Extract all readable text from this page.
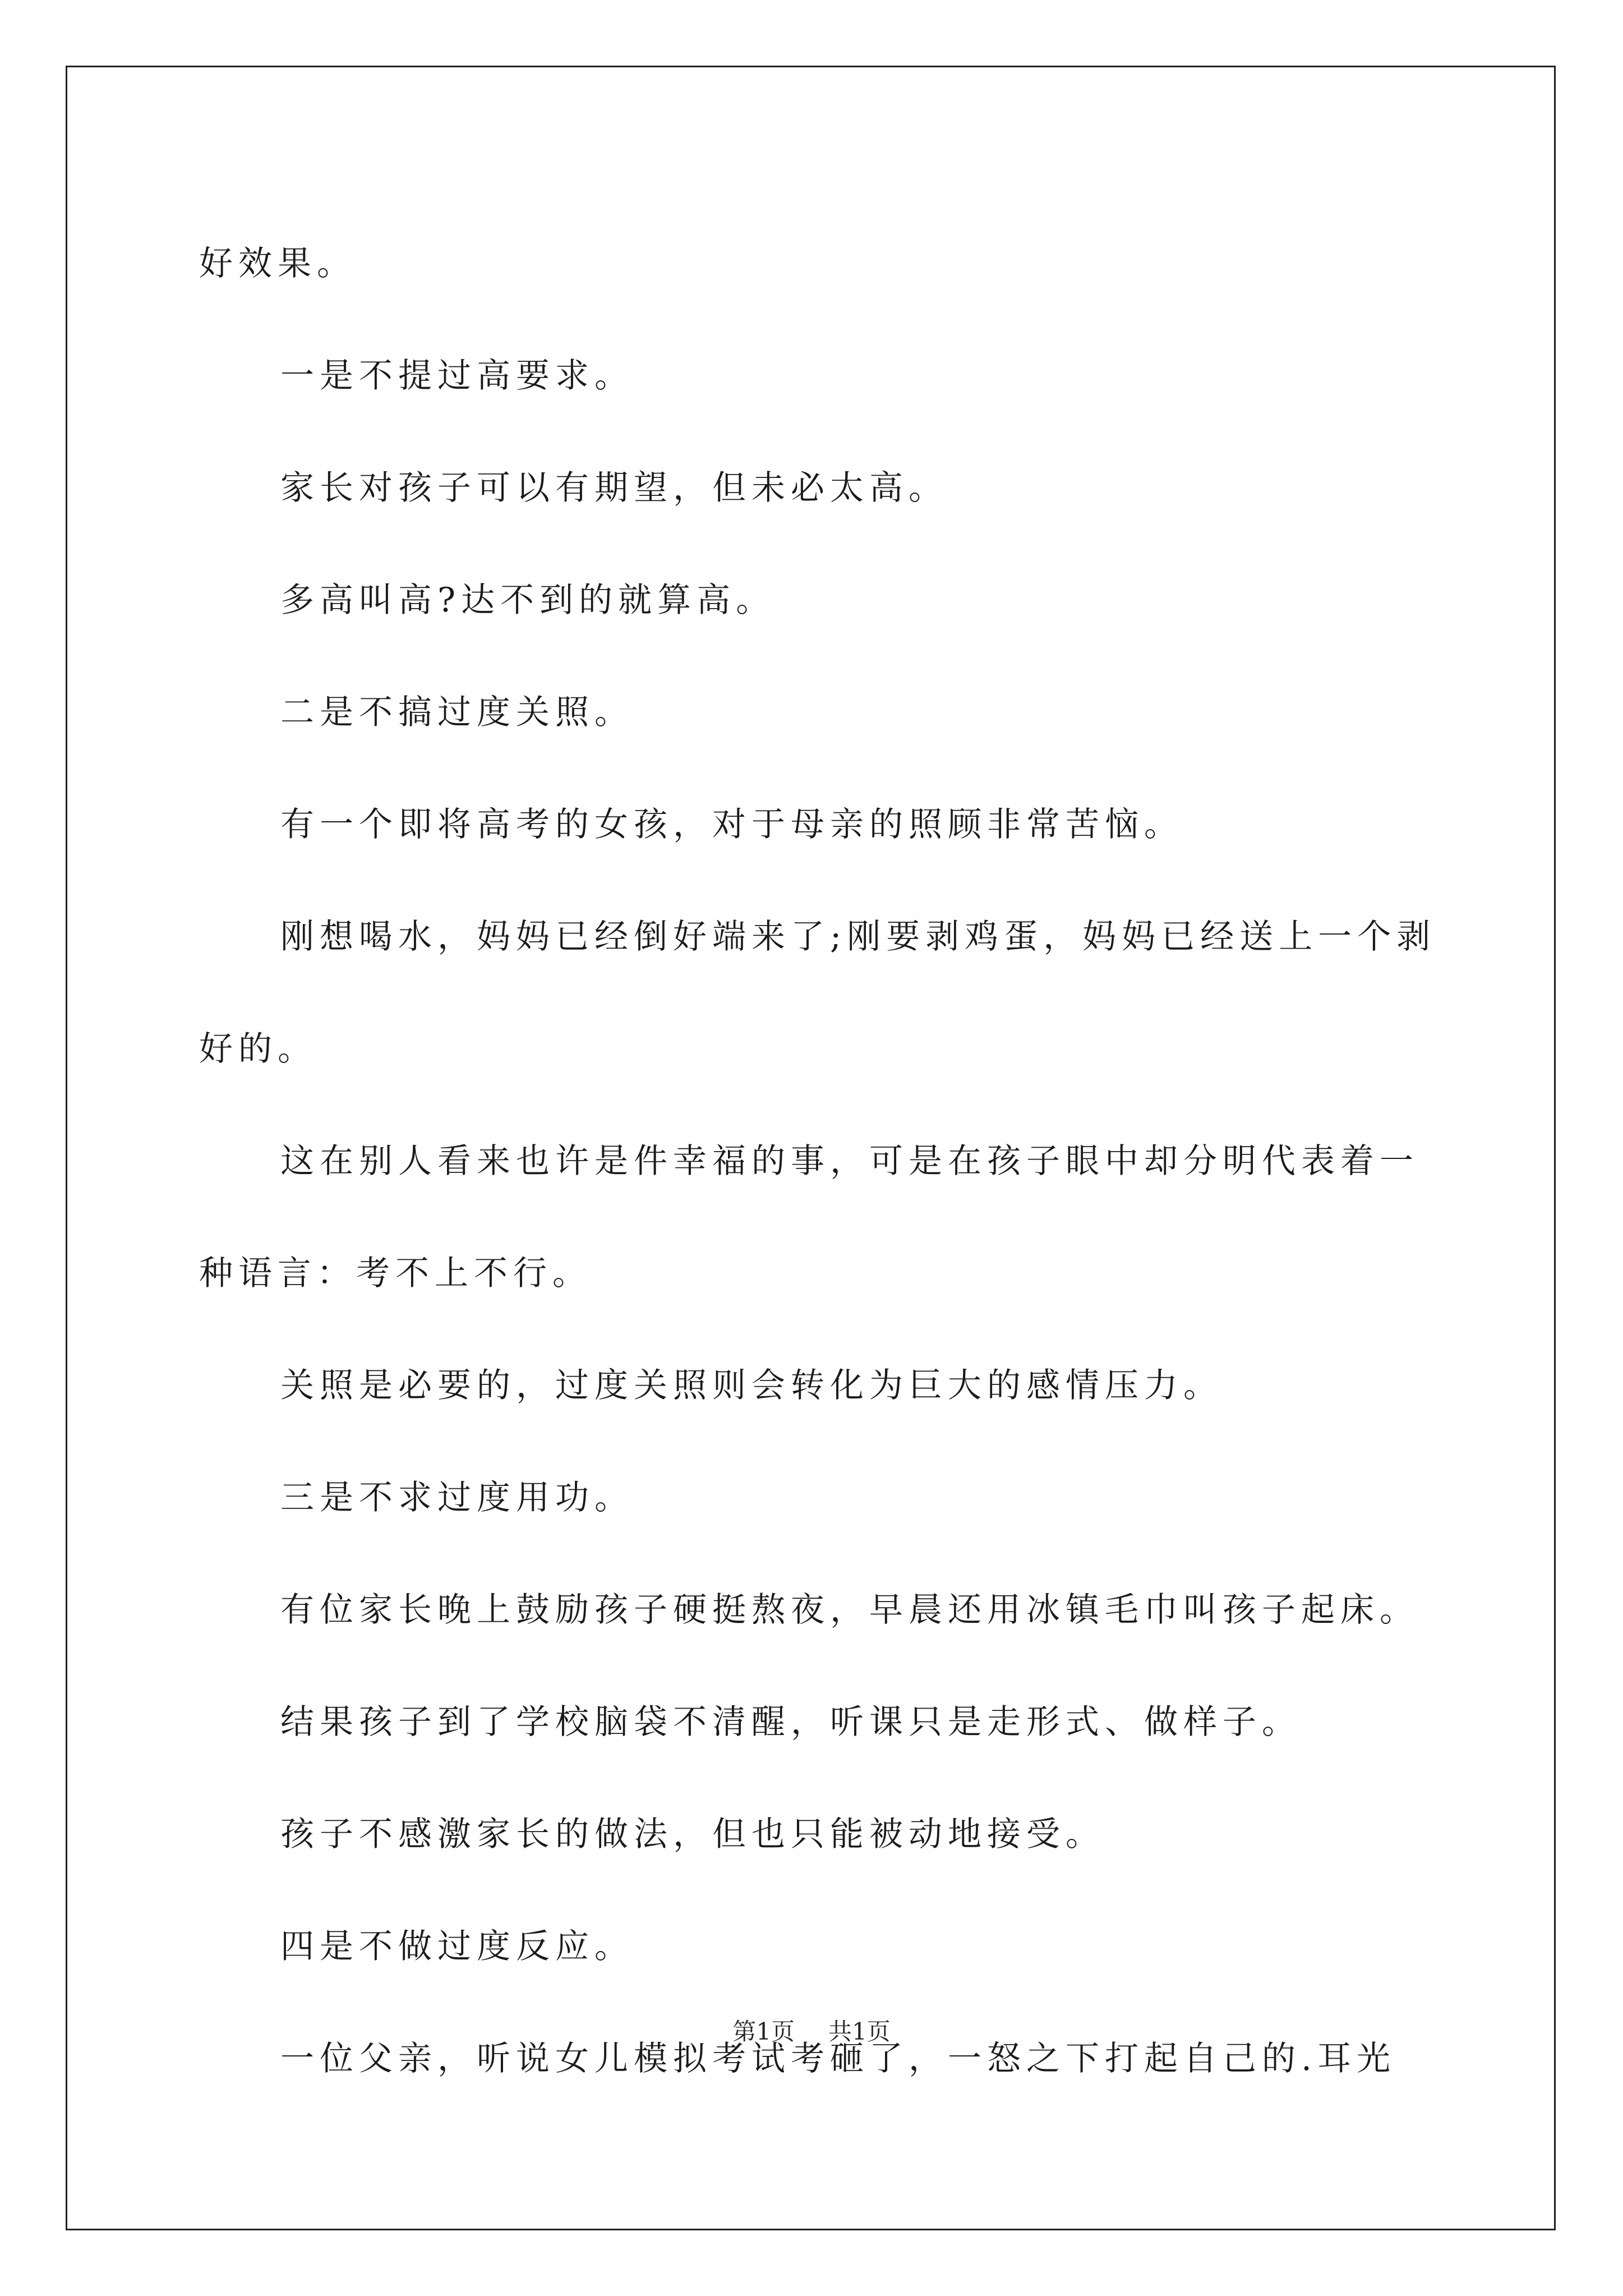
好效果。

一是不提过高要求。

家长对孩子可以有期望，但未必太高。

多高叫高?达不到的就算高。

二是不搞过度关照。

有一个即将高考的女孩，对于母亲的照顾非常苦恼。

刚想喝水，妈妈已经倒好端来了;刚要剥鸡蛋，妈妈已经送上一个剥好的。

这在别人看来也许是件幸福的事，可是在孩子眼中却分明代表着一种语言：考不上不行。

关照是必要的，过度关照则会转化为巨大的感情压力。

三是不求过度用功。

有位家长晚上鼓励孩子硬挺熬夜，早晨还用冰镇毛巾叫孩子起床。

结果孩子到了学校脑袋不清醒，听课只是走形式、做样子。

孩子不感激家长的做法，但也只能被动地接受。

四是不做过度反应。

一位父亲，听说女儿模拟考试考砸了，一怒之下打起自己的.耳光

第1页 共1页
